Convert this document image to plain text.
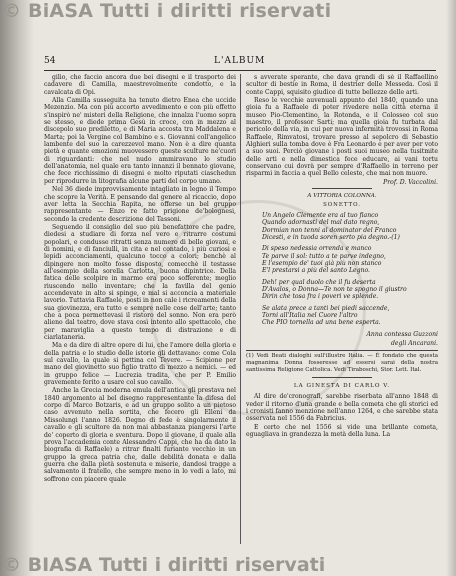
© BiASA Tutti i diritti riservati
54	L'ALBUM

gilio, che faccio ancora due bei disegni e il trasporto dei cadavere di Camilla, maestrevolmente condotto, e la cavalcata di Opi.

Alla Camilla susseguita ha tenuto dietro Enea che uccide Mezenzio. Ma con più accorto avvedimento e con più effetto s'inspirò ne' misteri della Religione, che innalza l'uomo sopra se stesso, e diede prima Gesù in croce, con in mezzo al discepolo suo prediletto, e di Maria accosta tra Maddalena e Marta; poi la Vergine col Bambino e s. Giovanni coll'angelico lambente del suo la carezzevol mano. Non è a dire quanta pietà e quante emozioni muovessero queste sculture ne'cuori di riguardanti: che nel nudo ammiravano lo studio dell'anatomia, nel quale era tanto innanzi il bennato giovane, che fece ricchissimo di disegni e molto riputati ciaschedun per riprodurre in litografia alcune parti del corpo umano.

Nel 36 diede improvvisamente intagliato in legno il Tempo che scopre la Verità. E pensando dal genere al ricaccio, dopo aver letta la Secchia Rapita, ne offerse un bel gruppo rappresentante — Enzo re fatto prigione de'bolognesi, secondo la credente descrizione del Tassoni.

Seguendo il consiglio del suo più benefattore che padre, diedesi a studiare di forza nel vero e ritrarre costumi popolari, e condusse ritratti senza numero di belle giovani, e di nomini, e di fanciulli, in cita e nel contado, i più curiosi e lepidi acconciamenti, qualcuno tocco a colori; benchè al dipingere non molto fosse disposto, comecchè il testasse all'esempio della sorella Carlotta, buona dipintrice. Della fatica delle scolpire in marmo era poco sofferente; meglio riuscendo nello inventare; che la favilla del genio accendevate in alto si spinge, e mal si acconcia a materiale lavorio. Tuttavia Raffaele, posti in non cale i ricreamenti della sua giovinezza, era tutto e sempre nelle cose dell'arte; tanto che a poca permettevasi il ristoro del sonno. Non era però alieno dal teatro, dove stava così intento allo spettacolo, che per maraviglia a questo tempo di distrazione e di ciarlataneria.

Ma e da dire di altre opere di lui, che l'amore della gloria e della patria e lo studio delle istorie gli dettavano: come Cola sul cavallo, la quale si pettina col Tevere. — Scipione per mano del giovinetto suo figlio tratto di mezzo a nemici. — ed in gruppo felice — Lucrezia tradita, che per P. Emilio gravemente ferito a usare col suo cavallo.

Anche la Grecia moderna emula dell'antica gli prestava nel 1840 argomento al bel disegno rappresentante la difesa del corpo di Marco Botzaris, e ad un gruppo solito a un pietoso caso avvenuto nella sortita, che fecero gli Elleni da Missolungi l'anno 1826. Degno di fede è singolarmente il cavallo e gli scultore da non mai abbastanza piangersi l'arte de' coperto di gloria e sventura. Dopo il giovane, il quale alla prova l'accademia conte Alessandro Cappi, che ha da dato la biografia di Raffaele) a ritrar finalti furiante vecchio in un gruppo la greca patria che, dalle debilità donata e dalla guerra che dalla pietà sostenuta e miserie, dandosi tragge a salvamento il fratello, che sempre meno in lo vedi a lato, mi soffrono con piacere quale

s avverate sperante, che dava grandi di sè il Raffaellino scultor di bestie in Roma, il destrier delle Messeda. Così il conte Cappi, squisito giudice di tutte bellezze delle arti.

Reso le vecchie auvenuali appunto del 1840, quando una gioia fu a Raffaele di poter rivedere nella città eterna il museo Pio-Clementino, la Rotonda, e il Colosseo col suo maestro, il professor Sarti; ma quella gioia fu turbata dal pericolo della via, in cui per nuova infermità trovossi in Roma Raffaele, Rimvatosi, trovare presso al sepolcro di Sebastio Alghieri sulla tomba dove è Fra Leonardo e per aver per voto a suo suoi. Perciò giovane i posti suoi museo nella tusitmite delle arti e nella dimestica fece educare, ai vani tortu conservano cui dovrà per sempre d'Raffaello in terreno per risparmi in faccia a quel Bello celeste, che mai non muore.

Prof. D. Vaccolini.
A VITTORIA COLONNA.
SONETTO.
Un Angelo Clemente era al tuo fianco
Quando adornasti del mal dato regno,
Dormian non tenni al dominator del Franco
Dicesti, e in tuoda soren serto pia degno.-(1)
Di speso nedessia orrenda e manco
Te parve il sol: tutto a te parve indegno,
E l'esempio de' tuoi già più non stanco
E'l prestarsi a più del santo Legno.
Deh! per qual duolo che il fu deserta
D'Avalos, o Donna—Te non te spogno il giustro
Dirin che tosa fra i poveri ve splende.
Se alata prece a tanti bei piedi saccende,
Torni all'Italia nel Cuore l'altro
Che PIO tornella ad una bene esperta.
Anna contessa Guzzoni
degli Ancarani.
(1) Vedi Beati dialoghi sull'illustre Italia. — È fondato che questa magnanima Donna fosseresse ad essersi sarai della nostra santissima Religione Cattolica. Vedi Tiraboschi, Stor. Lett. Ital.
LA GINESTA DI CARLO V.

Al dire de'cronografi, sarebbe riserbata all'anno 1848 di veder il ritorno d'una grande e bella cometa che gli storici ed i cronisti fanno menzione nell'anno 1264, e che sarebbe stata osservata nel 1556 da Fabricius.

E certo che nel 1556 si vide una brillante cometa, eguagliava in grandezza la metà della luna. La

© BIASA Tutti i diritti riservati
